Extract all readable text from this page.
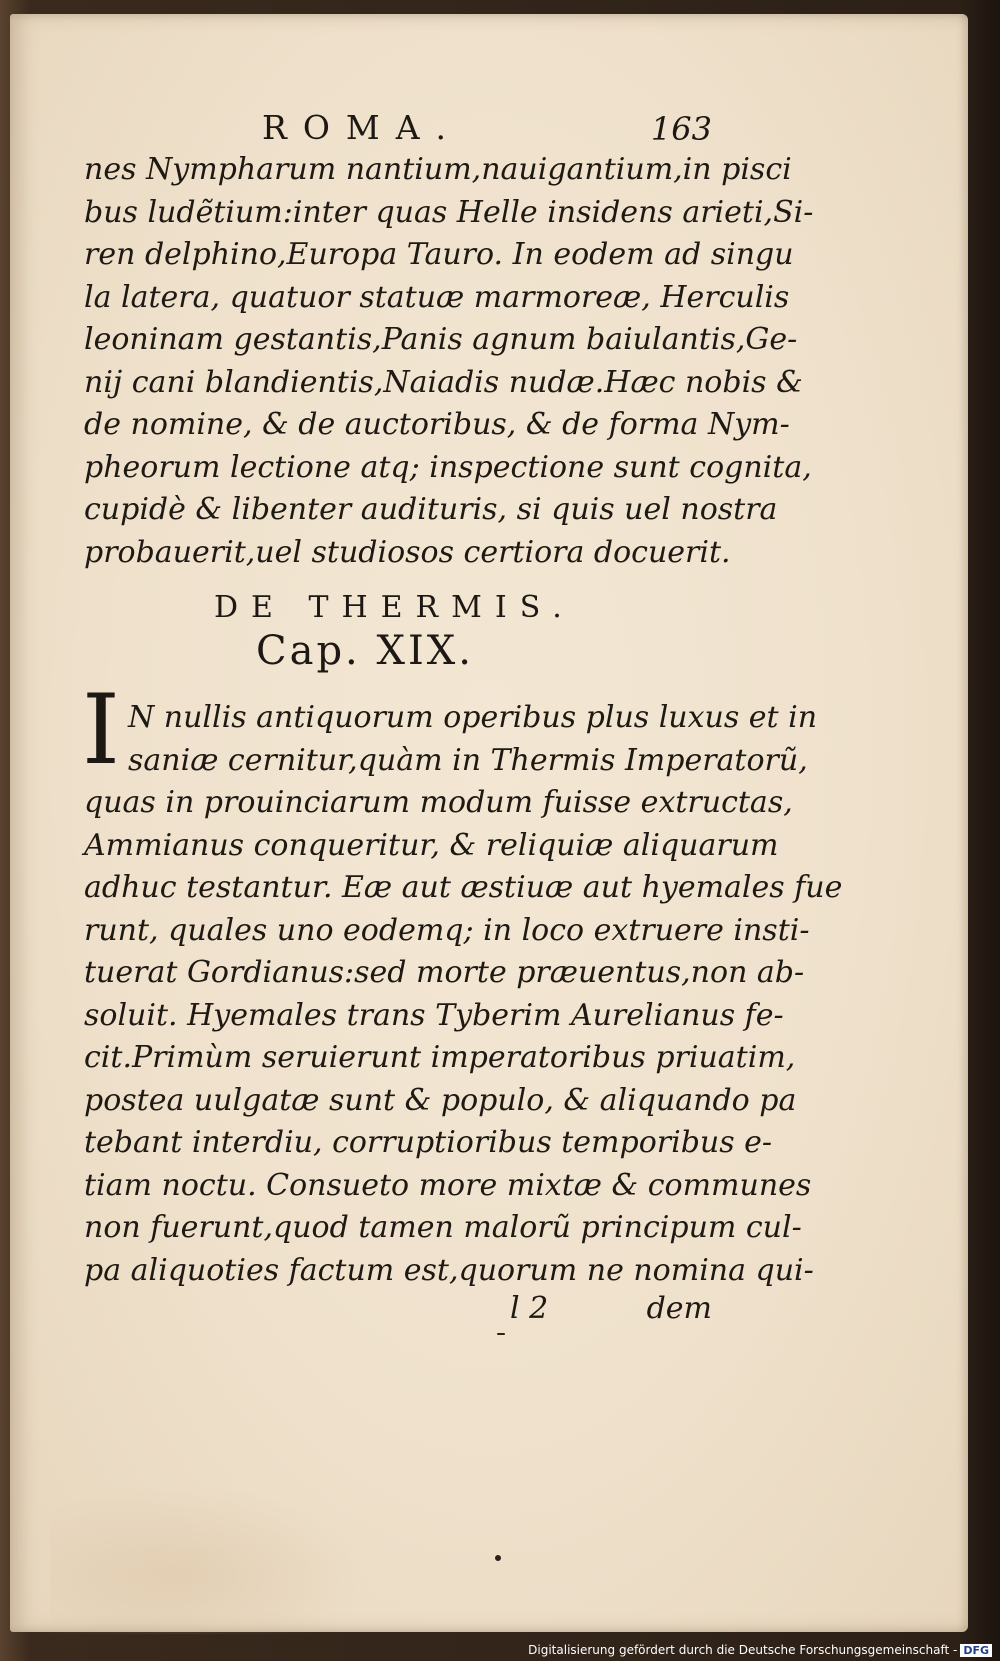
ROMA.	163
nes Nympharum nantium,nauigantium,in pisci
bus ludẽtium:inter quas Helle insidens arieti,Si-
ren delphino,Europa Tauro. In eodem ad singu
la latera, quatuor statuæ marmoreæ, Herculis
leoninam gestantis,Panis agnum baiulantis,Ge-
nij cani blandientis,Naiadis nudæ.Hæc nobis &
de nomine, & de auctoribus, & de forma Nym-
pheorum lectione atq; inspectione sunt cognita,
cupidè & libenter audituris, si quis uel nostra
probauerit,uel studiosos certiora docuerit.
DE THERMIS.
Cap. XIX.
I N nullis antiquorum operibus plus luxus et in
saniæ cernitur,quàm in Thermis Imperatorũ,
quas in prouinciarum modum fuisse extructas,
Ammianus conqueritur, & reliquiæ aliquarum
adhuc testantur. Eæ aut æstiuæ aut hyemales fue
runt, quales uno eodemq; in loco extruere insti-
tuerat Gordianus:sed morte præuentus,non ab-
soluit. Hyemales trans Tyberim Aurelianus fe-
cit.Primùm seruierunt imperatoribus priuatim,
postea uulgatæ sunt & populo, & aliquando pa
tebant interdiu, corruptioribus temporibus e-
tiam noctu. Consueto more mixtæ & communes
non fuerunt,quod tamen malorũ principum cul-
pa aliquoties factum est,quorum ne nomina qui-
l 2	dem
Digitalisierung gefördert durch die Deutsche Forschungsgemeinschaft - DFG
